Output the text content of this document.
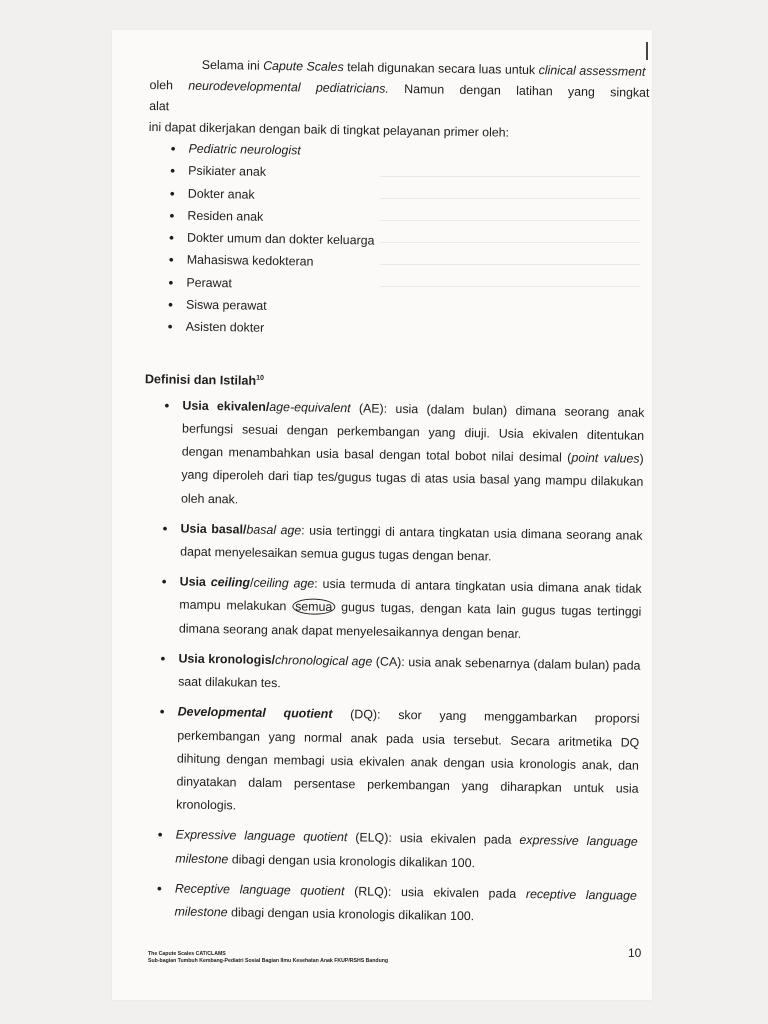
Selama ini Capute Scales telah digunakan secara luas untuk clinical assessment

oleh neurodevelopmental pediatricians. Namun dengan latihan yang singkat alat

ini dapat dikerjakan dengan baik di tingkat pelayanan primer oleh:

• Pediatric neurologist
• Psikiater anak
• Dokter anak
• Residen anak
• Dokter umum dan dokter keluarga
• Mahasiswa kedokteran
• Perawat
• Siswa perawat
• Asisten dokter
Definisi dan Istilah$^{10}$
• Usia ekivalen/age-equivalent (AE): usia (dalam bulan) dimana seorang anak berfungsi sesuai dengan perkembangan yang diuji. Usia ekivalen ditentukan dengan menambahkan usia basal dengan total bobot nilai desimal (point values) yang diperoleh dari tiap tes/gugus tugas di atas usia basal yang mampu dilakukan oleh anak.
• Usia basal/basal age: usia tertinggi di antara tingkatan usia dimana seorang anak dapat menyelesaikan semua gugus tugas dengan benar.
• Usia ceiling/ceiling age: usia termuda di antara tingkatan usia dimana anak tidak mampu melakukan semua gugus tugas, dengan kata lain gugus tugas tertinggi dimana seorang anak dapat menyelesaikannya dengan benar.
• Usia kronologis/chronological age (CA): usia anak sebenarnya (dalam bulan) pada saat dilakukan tes.
• Developmental quotient (DQ): skor yang menggambarkan proporsi perkembangan yang normal anak pada usia tersebut. Secara aritmetika DQ dihitung dengan membagi usia ekivalen anak dengan usia kronologis anak, dan dinyatakan dalam persentase perkembangan yang diharapkan untuk usia kronologis.
• Expressive language quotient (ELQ): usia ekivalen pada expressive language milestone dibagi dengan usia kronologis dikalikan 100.
• Receptive language quotient (RLQ): usia ekivalen pada receptive language milestone dibagi dengan usia kronologis dikalikan 100.
The Capute Scales CAT/CLAMS
Sub-bagian Tumbuh Kembang-Pediatri Sosial Bagian Ilmu Kesehatan Anak FKUP/RSHS Bandung
10
